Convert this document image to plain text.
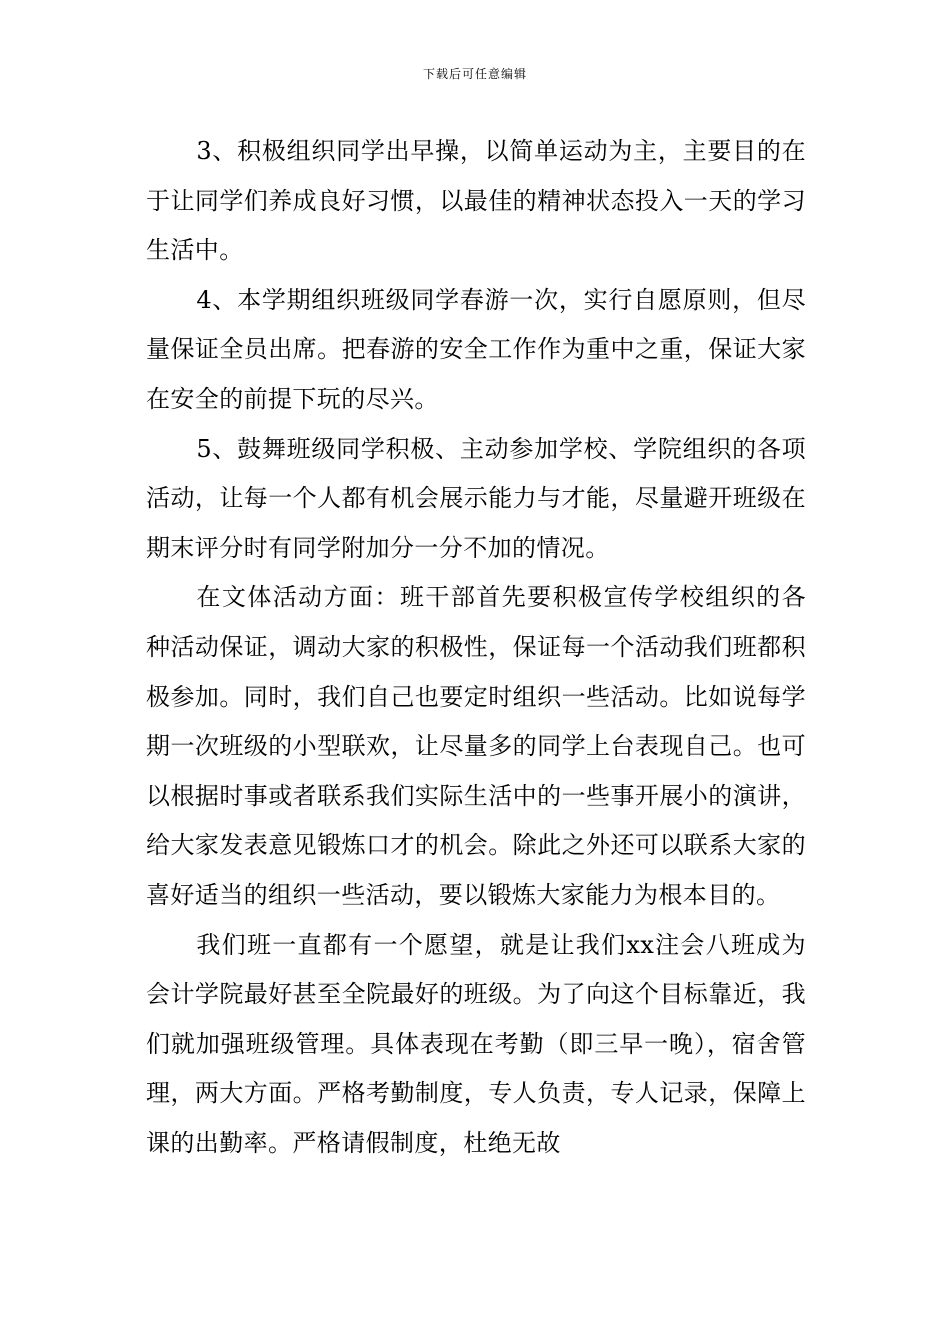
下载后可任意编辑

3、积极组织同学出早操，以简单运动为主，主要目的在于让同学们养成良好习惯，以最佳的精神状态投入一天的学习生活中。

4、本学期组织班级同学春游一次，实行自愿原则，但尽量保证全员出席。把春游的安全工作作为重中之重，保证大家在安全的前提下玩的尽兴。

5、鼓舞班级同学积极、主动参加学校、学院组织的各项活动，让每一个人都有机会展示能力与才能，尽量避开班级在期末评分时有同学附加分一分不加的情况。

在文体活动方面：班干部首先要积极宣传学校组织的各种活动保证，调动大家的积极性，保证每一个活动我们班都积极参加。同时，我们自己也要定时组织一些活动。比如说每学期一次班级的小型联欢，让尽量多的同学上台表现自己。也可以根据时事或者联系我们实际生活中的一些事开展小的演讲，给大家发表意见锻炼口才的机会。除此之外还可以联系大家的喜好适当的组织一些活动，要以锻炼大家能力为根本目的。

我们班一直都有一个愿望，就是让我们xx注会八班成为会计学院最好甚至全院最好的班级。为了向这个目标靠近，我们就加强班级管理。具体表现在考勤（即三早一晚），宿舍管理，两大方面。严格考勤制度，专人负责，专人记录，保障上课的出勤率。严格请假制度，杜绝无故
